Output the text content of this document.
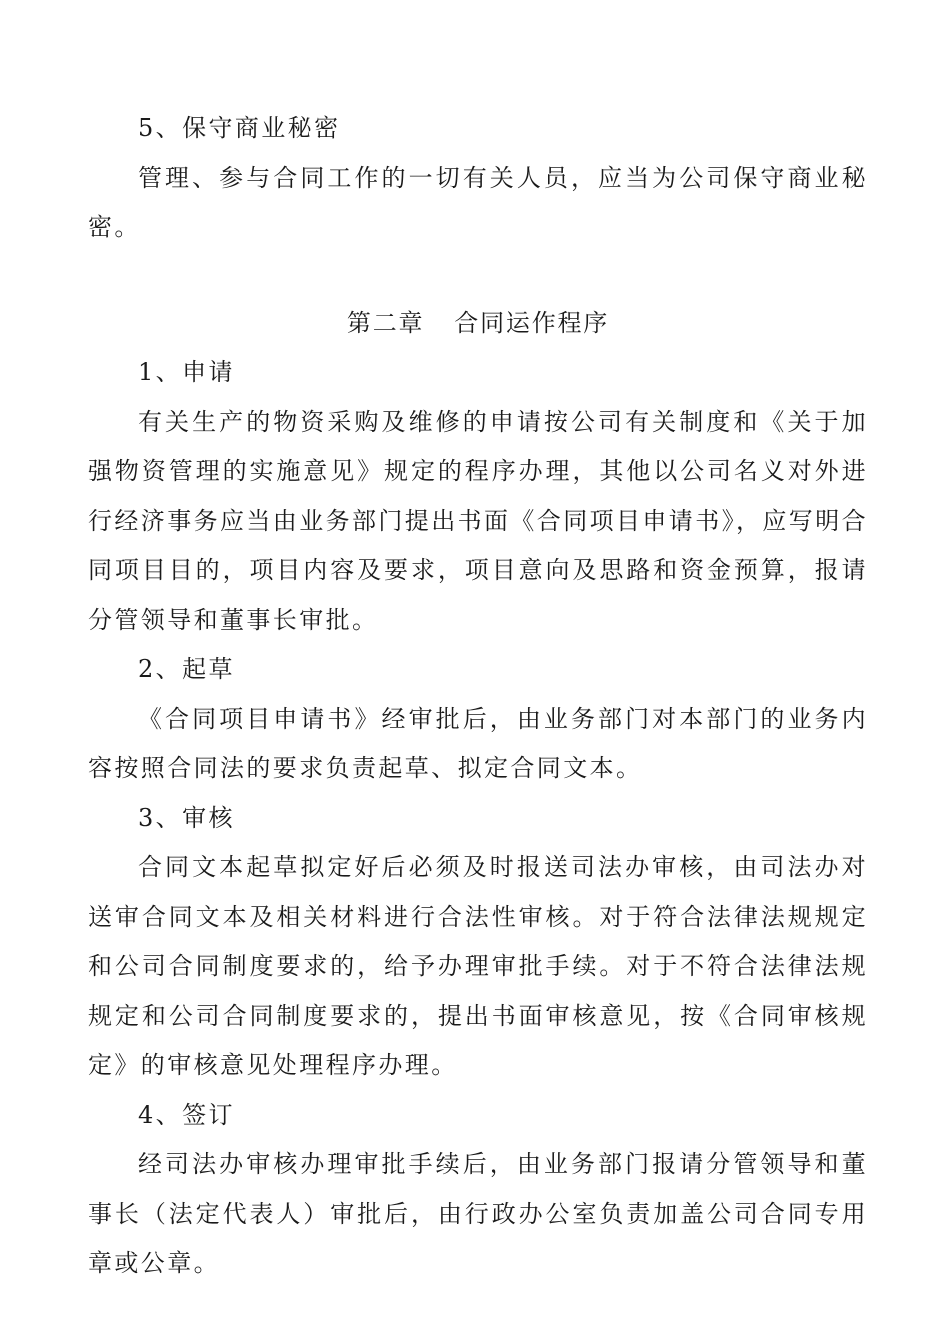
5、保守商业秘密

管理、参与合同工作的一切有关人员，应当为公司保守商业秘密。

第二章 合同运作程序

1、申请

有关生产的物资采购及维修的申请按公司有关制度和《关于加强物资管理的实施意见》规定的程序办理，其他以公司名义对外进行经济事务应当由业务部门提出书面《合同项目申请书》，应写明合同项目目的，项目内容及要求，项目意向及思路和资金预算，报请分管领导和董事长审批。

2、起草

《合同项目申请书》经审批后，由业务部门对本部门的业务内容按照合同法的要求负责起草、拟定合同文本。

3、审核

合同文本起草拟定好后必须及时报送司法办审核，由司法办对送审合同文本及相关材料进行合法性审核。对于符合法律法规规定和公司合同制度要求的，给予办理审批手续。对于不符合法律法规规定和公司合同制度要求的，提出书面审核意见，按《合同审核规定》的审核意见处理程序办理。

4、签订

经司法办审核办理审批手续后，由业务部门报请分管领导和董事长（法定代表人）审批后，由行政办公室负责加盖公司合同专用章或公章。
